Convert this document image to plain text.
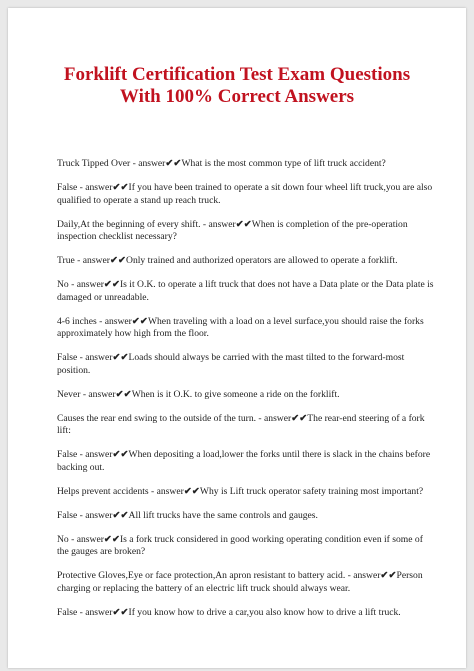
Forklift Certification Test Exam Questions
With 100% Correct Answers

Truck Tipped Over - answer✔✔What is the most common type of lift truck accident?

False - answer✔✔If you have been trained to operate a sit down four wheel lift truck,you are also qualified to operate a stand up reach truck.

Daily,At the beginning of every shift. - answer✔✔When is completion of the pre-operation inspection checklist necessary?

True - answer✔✔Only trained and authorized operators are allowed to operate a forklift.

No - answer✔✔Is it O.K. to operate a lift truck that does not have a Data plate or the Data plate is damaged or unreadable.

4-6 inches - answer✔✔When traveling with a load on a level surface,you should raise the forks approximately how high from the floor.

False - answer✔✔Loads should always be carried with the mast tilted to the forward-most position.

Never - answer✔✔When is it O.K. to give someone a ride on the forklift.

Causes the rear end swing to the outside of the turn. - answer✔✔The rear-end steering of a fork lift:

False - answer✔✔When depositing a load,lower the forks until there is slack in the chains before backing out.

Helps prevent accidents - answer✔✔Why is Lift truck operator safety training most important?

False - answer✔✔All lift trucks have the same controls and gauges.

No - answer✔✔Is a fork truck considered in good working operating condition even if some of the gauges are broken?

Protective Gloves,Eye or face protection,An apron resistant to battery acid. - answer✔✔Person charging or replacing the battery of an electric lift truck should always wear.

False - answer✔✔If you know how to drive a car,you also know how to drive a lift truck.
